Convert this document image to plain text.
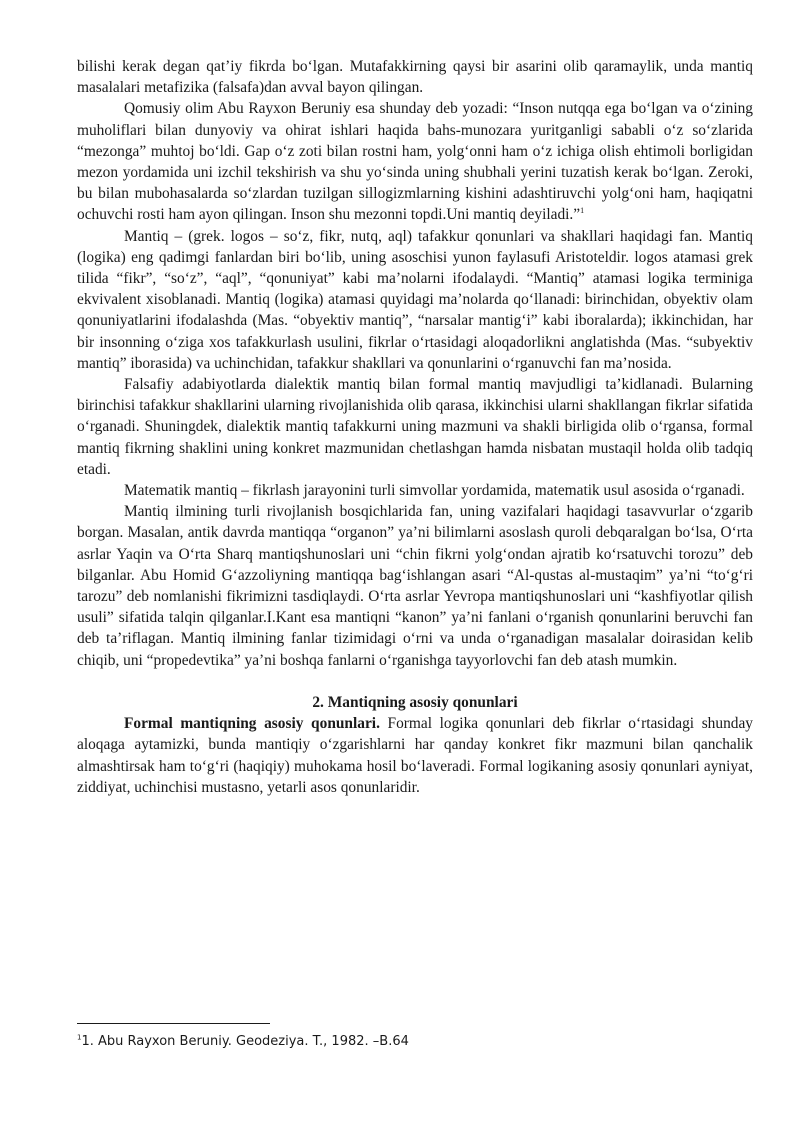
bilishi kerak degan qat’iy fikrda bo‘lgan. Mutafakkirning qaysi bir asarini olib qaramaylik, unda mantiq masalalari metafizika (falsafa)dan avval bayon qilingan.

Qomusiy olim Abu Rayxon Beruniy esa shunday deb yozadi: “Inson nutqqa ega bo‘lgan va o‘zining muholiflari bilan dunyoviy va ohirat ishlari haqida bahs-munozara yuritganligi sababli o‘z so‘zlarida “mezonga” muhtoj bo‘ldi. Gap o‘z zoti bilan rostni ham, yolg‘onni ham o‘z ichiga olish ehtimoli borligidan mezon yordamida uni izchil tekshirish va shu yo‘sinda uning shubhali yerini tuzatish kerak bo‘lgan. Zeroki, bu bilan mubohasalarda so‘zlardan tuzilgan sillogizmlarning kishini adashtiruvchi yolg‘oni ham, haqiqatni ochuvchi rosti ham ayon qilingan. Inson shu mezonni topdi.Uni mantiq deyiladi.”$^1$

Mantiq – (grek. logos – so‘z, fikr, nutq, aql) tafakkur qonunlari va shakllari haqidagi fan. Mantiq (logika) eng qadimgi fanlardan biri bo‘lib, uning asoschisi yunon faylasufi Aristoteldir. logos atamasi grek tilida “fikr”, “so‘z”, “aql”, “qonuniyat” kabi ma’nolarni ifodalaydi. “Mantiq” atamasi logika terminiga ekvivalent xisoblanadi. Mantiq (logika) atamasi quyidagi ma’nolarda qo‘llanadi: birinchidan, obyektiv olam qonuniyatlarini ifodalashda (Mas. “obyektiv mantiq”, “narsalar mantig‘i” kabi iboralarda); ikkinchidan, har bir insonning o‘ziga xos tafakkurlash usulini, fikrlar o‘rtasidagi aloqadorlikni anglatishda (Mas. “subyektiv mantiq” iborasida) va uchinchidan, tafakkur shakllari va qonunlarini o‘rganuvchi fan ma’nosida.

Falsafiy adabiyotlarda dialektik mantiq bilan formal mantiq mavjudligi ta’kidlanadi. Bularning birinchisi tafakkur shakllarini ularning rivojlanishida olib qarasa, ikkinchisi ularni shakllangan fikrlar sifatida o‘rganadi. Shuningdek, dialektik mantiq tafakkurni uning mazmuni va shakli birligida olib o‘rgansa, formal mantiq fikrning shaklini uning konkret mazmunidan chetlashgan hamda nisbatan mustaqil holda olib tadqiq etadi.

Matematik mantiq – fikrlash jarayonini turli simvollar yordamida, matematik usul asosida o‘rganadi.

Mantiq ilmining turli rivojlanish bosqichlarida fan, uning vazifalari haqidagi tasavvurlar o‘zgarib borgan. Masalan, antik davrda mantiqqa “organon” ya’ni bilimlarni asoslash quroli debqaralgan bo‘lsa, O‘rta asrlar Yaqin va O‘rta Sharq mantiqshunoslari uni “chin fikrni yolg‘ondan ajratib ko‘rsatuvchi torozu” deb bilganlar. Abu Homid G‘azzoliyning mantiqqa bag‘ishlangan asari “Al-qustas al-mustaqim” ya’ni “to‘g‘ri tarozu” deb nomlanishi fikrimizni tasdiqlaydi. O‘rta asrlar Yevropa mantiqshunoslari uni “kashfiyotlar qilish usuli” sifatida talqin qilganlar.I.Kant esa mantiqni “kanon” ya’ni fanlani o‘rganish qonunlarini beruvchi fan deb ta’riflagan. Mantiq ilmining fanlar tizimidagi o‘rni va unda o‘rganadigan masalalar doirasidan kelib chiqib, uni “propedevtika” ya’ni boshqa fanlarni o‘rganishga tayyorlovchi fan deb atash mumkin.

2. Mantiqning asosiy qonunlari

Formal mantiqning asosiy qonunlari. Formal logika qonunlari deb fikrlar o‘rtasidagi shunday aloqaga aytamizki, bunda mantiqiy o‘zgarishlarni har qanday konkret fikr mazmuni bilan qanchalik almashtirsak ham to‘g‘ri (haqiqiy) muhokama hosil bo‘laveradi. Formal logikaning asosiy qonunlari ayniyat, ziddiyat, uchinchisi mustasno, yetarli asos qonunlaridir.

$^1$1. Abu Rayxon Beruniy. Geodeziya. T., 1982. –B.64
